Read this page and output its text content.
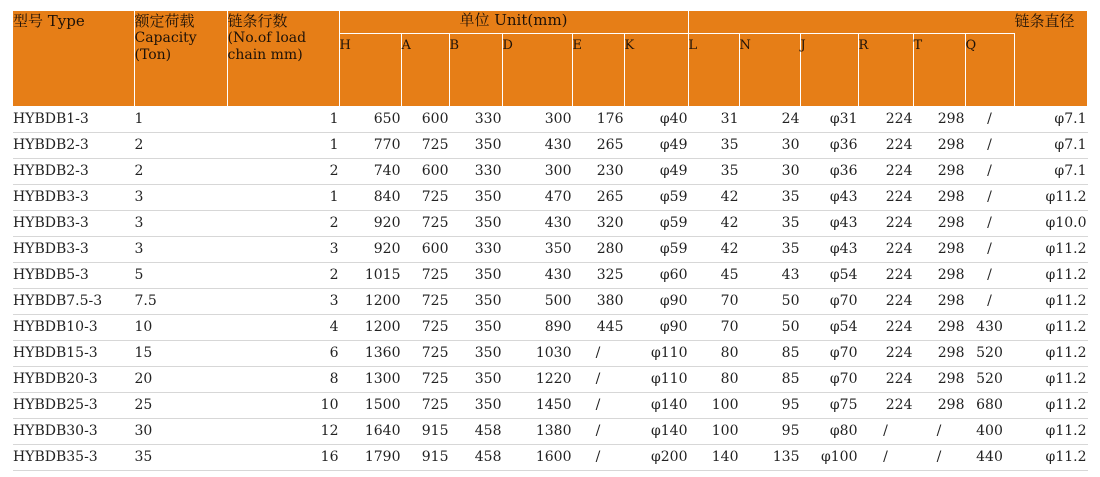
型号 Type	额定荷载
Capacity
(Ton)	链条行数
(No.of load
chain mm)	单位 Unit(mm)												链条直径
			H	A	B	D	E	K	L	N	J	R	T	Q	
HYBDB1-3	1	1	650	600	330	300	176	φ40	31	24	φ31	224	298	/	φ7.1
HYBDB2-3	2	1	770	725	350	430	265	φ49	35	30	φ36	224	298	/	φ7.1
HYBDB2-3	2	2	740	600	330	300	230	φ49	35	30	φ36	224	298	/	φ7.1
HYBDB3-3	3	1	840	725	350	470	265	φ59	42	35	φ43	224	298	/	φ11.2
HYBDB3-3	3	2	920	725	350	430	320	φ59	42	35	φ43	224	298	/	φ10.0
HYBDB3-3	3	3	920	600	330	350	280	φ59	42	35	φ43	224	298	/	φ11.2
HYBDB5-3	5	2	1015	725	350	430	325	φ60	45	43	φ54	224	298	/	φ11.2
HYBDB7.5-3	7.5	3	1200	725	350	500	380	φ90	70	50	φ70	224	298	/	φ11.2
HYBDB10-3	10	4	1200	725	350	890	445	φ90	70	50	φ54	224	298	430	φ11.2
HYBDB15-3	15	6	1360	725	350	1030	/	φ110	80	85	φ70	224	298	520	φ11.2
HYBDB20-3	20	8	1300	725	350	1220	/	φ110	80	85	φ70	224	298	520	φ11.2
HYBDB25-3	25	10	1500	725	350	1450	/	φ140	100	95	φ75	224	298	680	φ11.2
HYBDB30-3	30	12	1640	915	458	1380	/	φ140	100	95	φ80	/	/	400	φ11.2
HYBDB35-3	35	16	1790	915	458	1600	/	φ200	140	135	φ100	/	/	440	φ11.2
